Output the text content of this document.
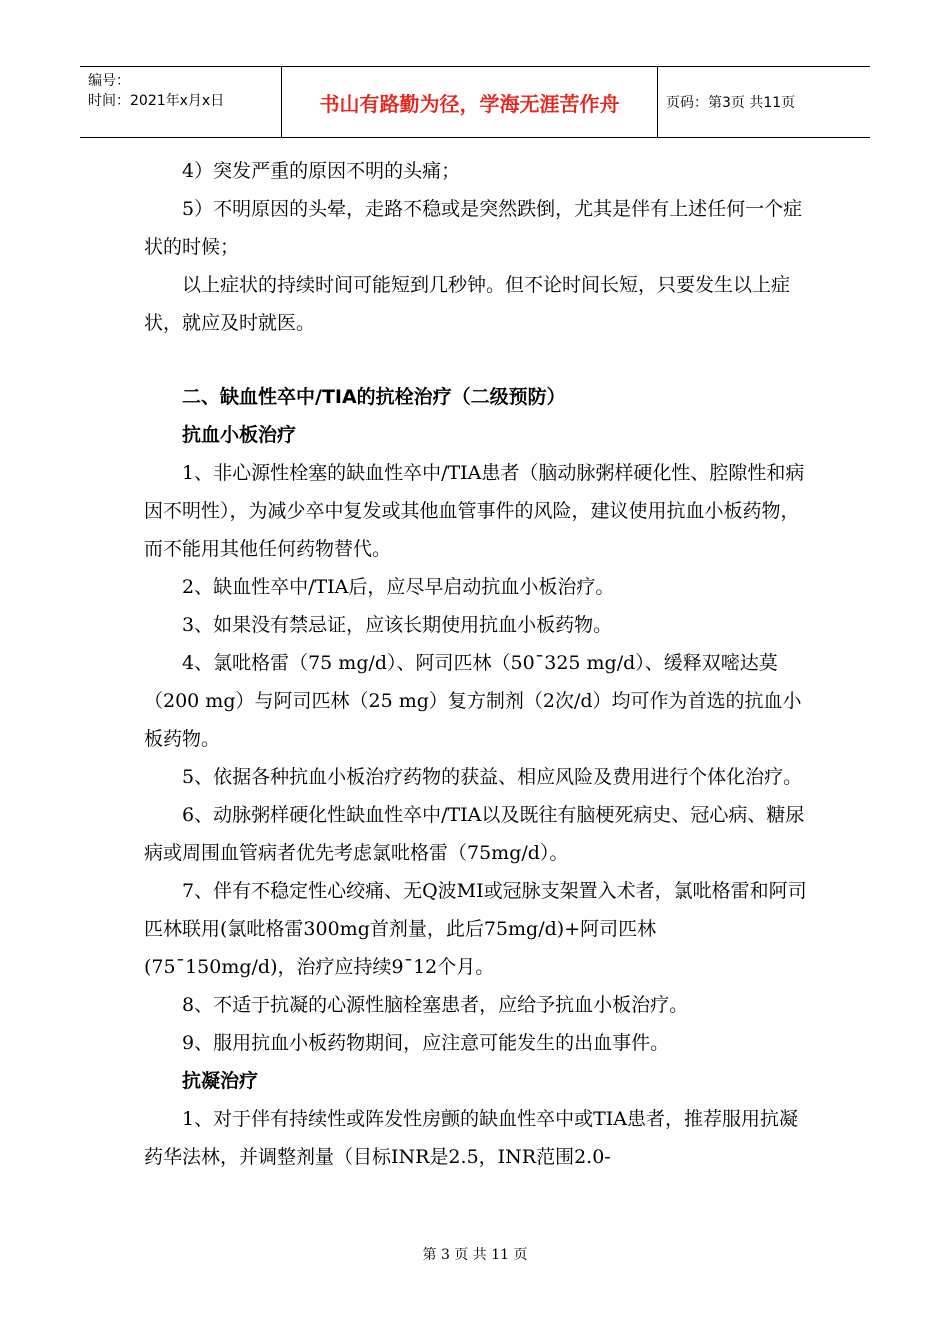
编号：
时间：2021年x月x日	书山有路勤为径，学海无涯苦作舟	页码：第3页 共11页

4）突发严重的原因不明的头痛；

5）不明原因的头晕，走路不稳或是突然跌倒，尤其是伴有上述任何一个症状的时候；

以上症状的持续时间可能短到几秒钟。但不论时间长短，只要发生以上症状，就应及时就医。

二、缺血性卒中/TIA的抗栓治疗（二级预防）

抗血小板治疗

1、非心源性栓塞的缺血性卒中/TIA患者（脑动脉粥样硬化性、腔隙性和病因不明性），为减少卒中复发或其他血管事件的风险，建议使用抗血小板药物，而不能用其他任何药物替代。

2、缺血性卒中/TIA后，应尽早启动抗血小板治疗。

3、如果没有禁忌证，应该长期使用抗血小板药物。

4、氯吡格雷（75 mg/d）、阿司匹林（50¯325 mg/d）、缓释双嘧达莫（200 mg）与阿司匹林（25 mg）复方制剂（2次/d）均可作为首选的抗血小板药物。

5、依据各种抗血小板治疗药物的获益、相应风险及费用进行个体化治疗。

6、动脉粥样硬化性缺血性卒中/TIA以及既往有脑梗死病史、冠心病、糖尿病或周围血管病者优先考虑氯吡格雷（75mg/d）。

7、伴有不稳定性心绞痛、无Q波MI或冠脉支架置入术者，氯吡格雷和阿司匹林联用(氯吡格雷300mg首剂量，此后75mg/d)+阿司匹林(75¯150mg/d)，治疗应持续9¯12个月。

8、不适于抗凝的心源性脑栓塞患者，应给予抗血小板治疗。

9、服用抗血小板药物期间，应注意可能发生的出血事件。

抗凝治疗

1、对于伴有持续性或阵发性房颤的缺血性卒中或TIA患者，推荐服用抗凝药华法林，并调整剂量（目标INR是2.5，INR范围2.0-

第 3 页 共 11 页
